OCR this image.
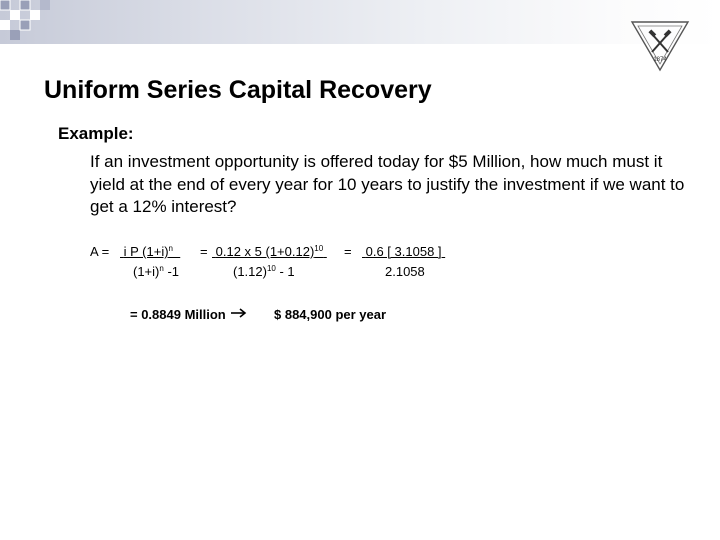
1874
Uniform Series Capital Recovery
Example:
If an investment opportunity is offered today for $5 Million, how much must it yield at the end of every year for 10 years to justify the investment if we want to get a 12% interest?
A = i P $(1+i)^n$	= 0.12 x 5 $(1+0.12)^{10} = 0.6$ [ 3.1058 ]
$(1+i)^n$ -1	$(1.12)^{10} - 1$	2.1058
= 0.8849 Million	$ 884,900 per year
